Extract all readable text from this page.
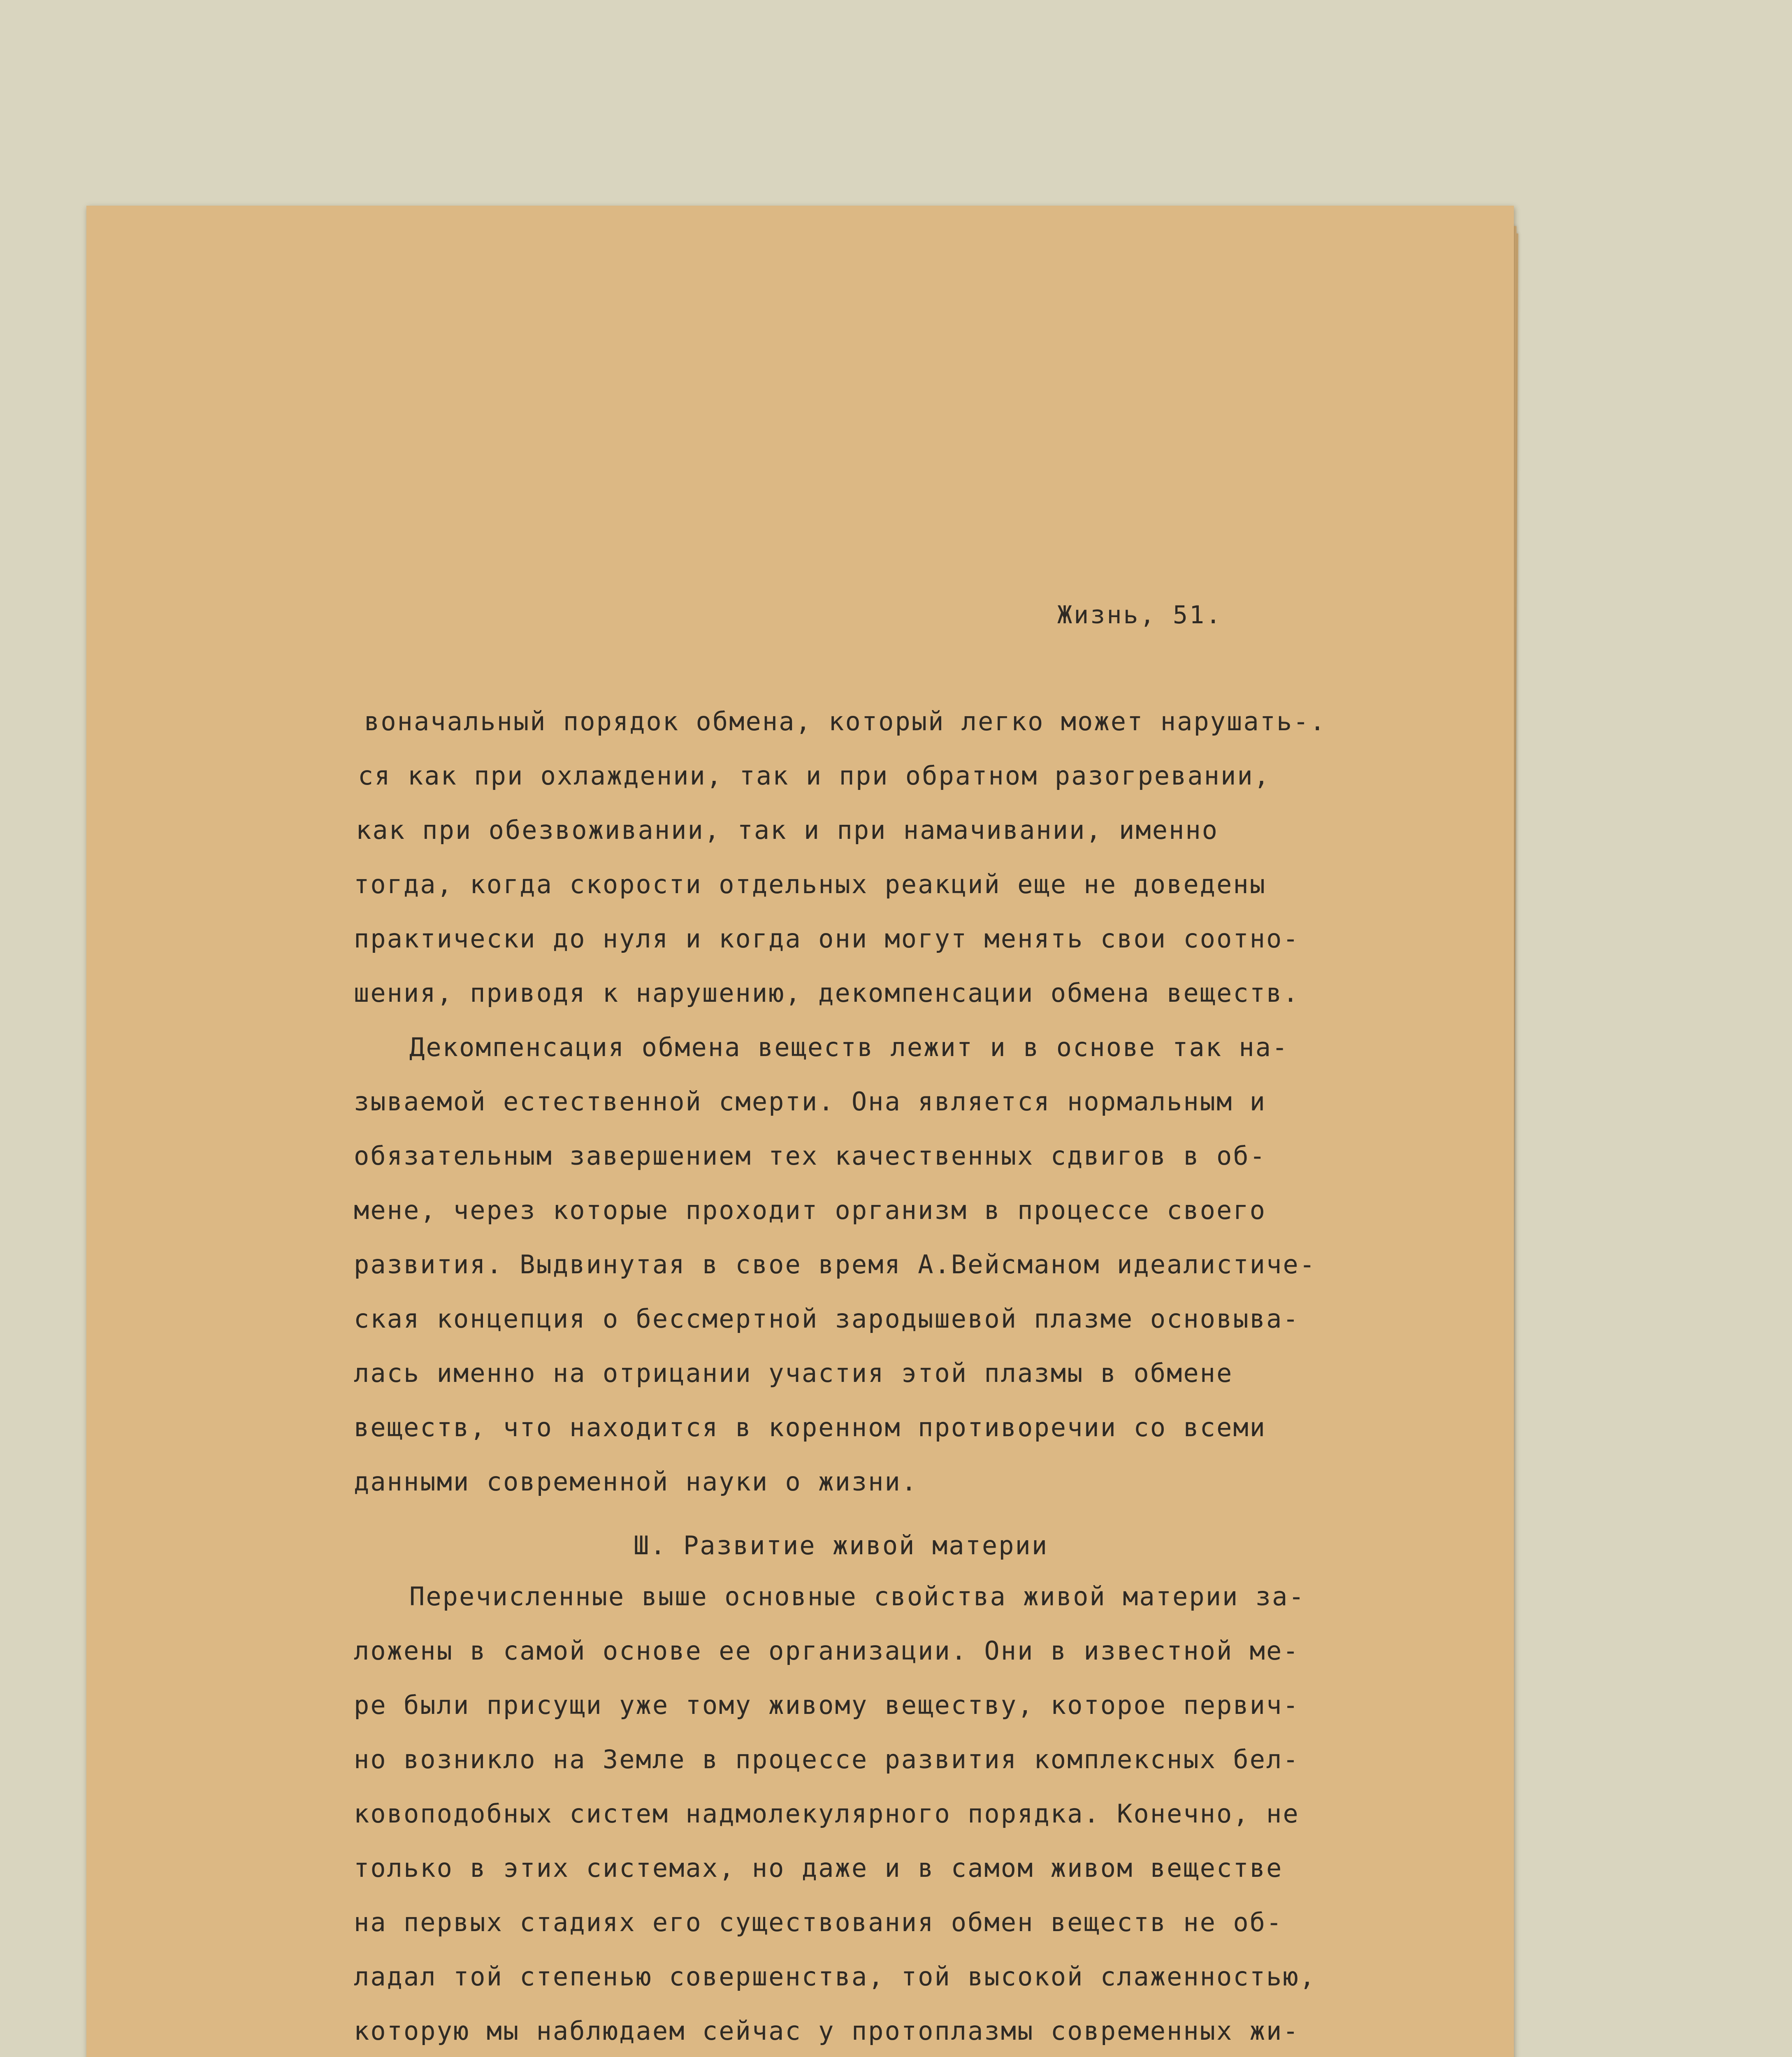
Жизнь, 51.
воначальный порядок обмена, который легко может нарушать-.
ся как при охлаждении, так и при обратном разогревании,
как при обезвоживании, так и при намачивании, именно
тогда, когда скорости отдельных реакций еще не доведены
практически до нуля и когда они могут менять свои соотно-
шения, приводя к нарушению, декомпенсации обмена веществ.
Декомпенсация обмена веществ лежит и в основе так на-
зываемой естественной смерти. Она является нормальным и
обязательным завершением тех качественных сдвигов в об-
мене, через которые проходит организм в процессе своего
развития. Выдвинутая в свое время А.Вейсманом идеалистиче-
ская концепция о бессмертной зародышевой плазме основыва-
лась именно на отрицании участия этой плазмы в обмене
веществ, что находится в коренном противоречии со всеми
данными современной науки о жизни.
Ш. Развитие живой материи
Перечисленные выше основные свойства живой материи за-
ложены в самой основе ее организации. Они в известной ме-
ре были присущи уже тому живому веществу, которое первич-
но возникло на Земле в процессе развития комплексных бел-
ковоподобных систем надмолекулярного порядка. Конечно, не
только в этих системах, но даже и в самом живом веществе
на первых стадиях его существования обмен веществ не об-
ладал той степенью совершенства, той высокой слаженностью,
которую мы наблюдаем сейчас у протоплазмы современных жи-
